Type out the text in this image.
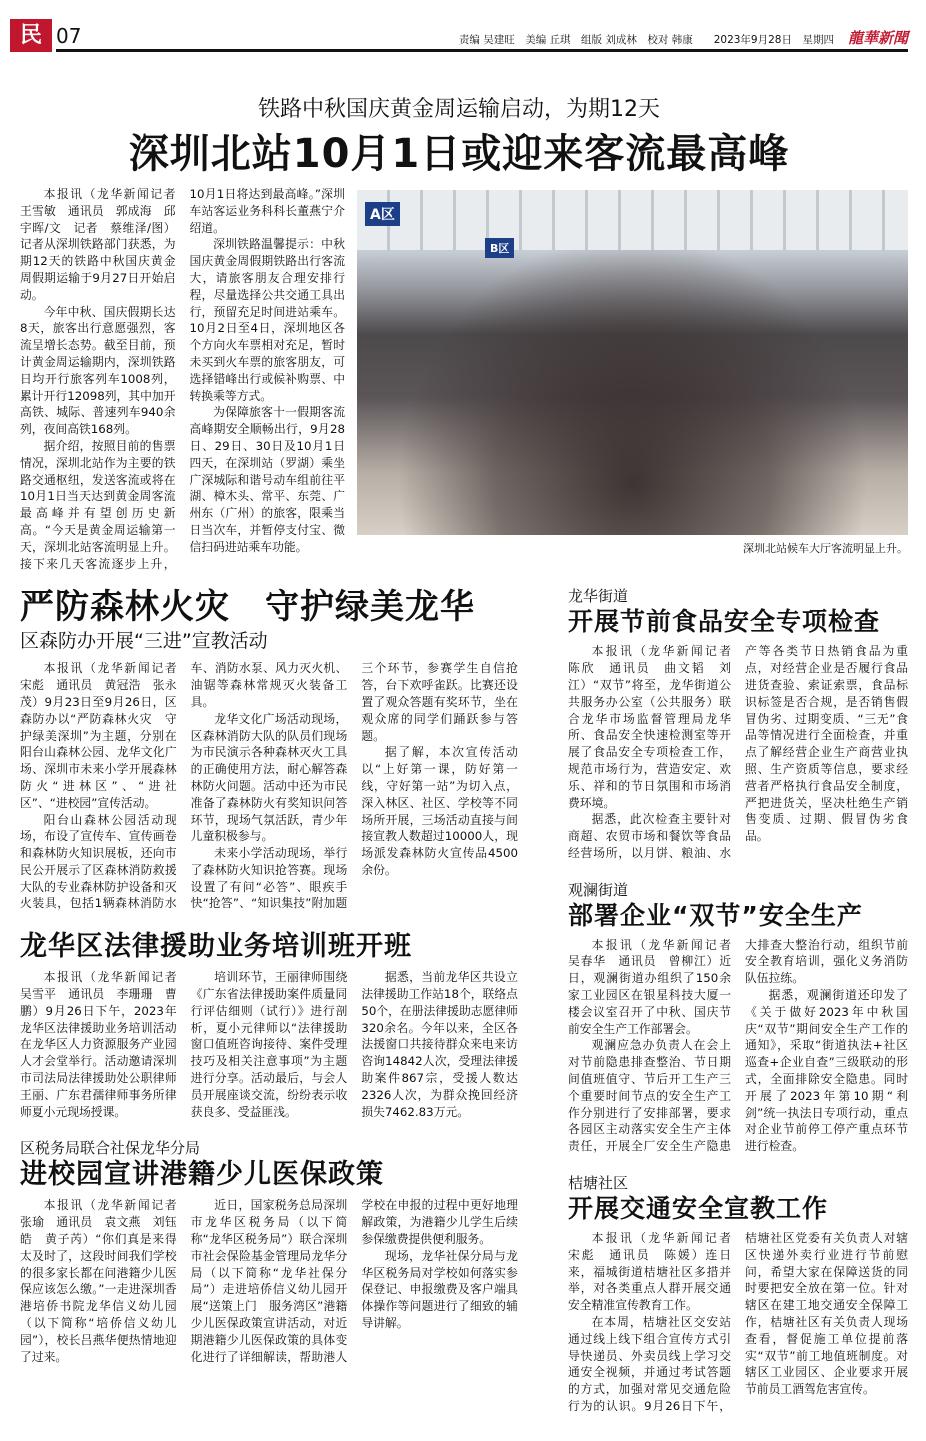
民生
07	责编 吴建旺　美编 丘琪　组版 刘成林　校对 韩康　　2023年9月28日　星期四 龍華新聞
铁路中秋国庆黄金周运输启动，为期12天
深圳北站10月1日或迎来客流最高峰

本报讯（龙华新闻记者　王雪敏　通讯员　郭成海　邱宇晖/文　记者　蔡维泽/图）记者从深圳铁路部门获悉，为期12天的铁路中秋国庆黄金周假期运输于9月27日开始启动。

今年中秋、国庆假期长达8天，旅客出行意愿强烈，客流呈增长态势。截至目前，预计黄金周运输期内，深圳铁路日均开行旅客列车1008列，累计开行12098列，其中加开高铁、城际、普速列车940余列，夜间高铁168列。

据介绍，按照目前的售票情况，深圳北站作为主要的铁路交通枢纽，发送客流或将在10月1日当天达到黄金周客流最高峰并有望创历史新高。“今天是黄金周运输第一天，深圳北站客流明显上升。接下来几天客流逐步上升，10月1日将达到最高峰。”深圳车站客运业务科科长董燕宁介绍道。

深圳铁路温馨提示：中秋国庆黄金周假期铁路出行客流大，请旅客朋友合理安排行程，尽量选择公共交通工具出行，预留充足时间进站乘车。10月2日至4日，深圳地区各个方向火车票相对充足，暂时未买到火车票的旅客朋友，可选择错峰出行或候补购票、中转换乘等方式。

为保障旅客十一假期客流高峰期安全顺畅出行，9月28日、29日、30日及10月1日四天，在深圳站（罗湖）乘坐广深城际和谐号动车组前往平湖、樟木头、常平、东莞、广州东（广州）的旅客，限乘当日当次车，并暂停支付宝、微信扫码进站乘车功能。

A区
B区
深圳北站候车大厅客流明显上升。
严防森林火灾　守护绿美龙华
区森防办开展“三进”宣教活动

本报讯（龙华新闻记者　宋彪　通讯员　黄冠浩　张永茂）9月23日至9月26日，区森防办以“严防森林火灾　守护绿美深圳”为主题，分别在阳台山森林公园、龙华文化广场、深圳市未来小学开展森林防火“进林区”、“进社区”、“进校园”宣传活动。

阳台山森林公园活动现场，布设了宣传车、宣传画卷和森林防火知识展板，还向市民公开展示了区森林消防救援大队的专业森林防护设备和灭火装具，包括1辆森林消防水车、消防水泵、风力灭火机、油锯等森林常规灭火装备工具。

龙华文化广场活动现场，区森林消防大队的队员们现场为市民演示各种森林灭火工具的正确使用方法，耐心解答森林防火问题。活动中还为市民准备了森林防火有奖知识问答环节，现场气氛活跃，青少年儿童积极参与。

未来小学活动现场，举行了森林防火知识抢答赛。现场设置了有问“必答”、眼疾手快“抢答”、“知识集技”附加题三个环节，参赛学生自信抢答，台下欢呼雀跃。比赛还设置了观众答题有奖环节，坐在观众席的同学们踊跃参与答题。

据了解，本次宣传活动以“上好第一课，防好第一线，守好第一站”为切入点，深入林区、社区、学校等不同场所开展，三场活动直接与间接宣教人数超过10000人，现场派发森林防火宣传品4500余份。

龙华区法律援助业务培训班开班

本报讯（龙华新闻记者　吴雪平　通讯员　李珊珊　曹鹏）9月26日下午，2023年龙华区法律援助业务培训活动在龙华区人力资源服务产业园人才会堂举行。活动邀请深圳市司法局法律援助处公职律师王丽、广东君孺律师事务所律师夏小元现场授课。

培训环节，王丽律师围绕《广东省法律援助案件质量同行评估细则（试行）》进行剖析，夏小元律师以“法律援助窗口值班咨询接待、案件受理技巧及相关注意事项”为主题进行分享。活动最后，与会人员开展座谈交流，纷纷表示收获良多、受益匪浅。

据悉，当前龙华区共设立法律援助工作站18个，联络点50个，在册法律援助志愿律师320余名。今年以来，全区各法援窗口共接待群众来电来访咨询14842人次，受理法律援助案件867宗，受援人数达2326人次，为群众挽回经济损失7462.83万元。

区税务局联合社保龙华分局
进校园宣讲港籍少儿医保政策

本报讯（龙华新闻记者　张瑜　通讯员　袁文燕　刘钰皓　黄子芮）“你们真是来得太及时了，这段时间我们学校的很多家长都在问港籍少儿医保应该怎么缴。”一走进深圳香港培侨书院龙华信义幼儿园（以下简称“培侨信义幼儿园”），校长吕燕华便热情地迎了过来。

近日，国家税务总局深圳市龙华区税务局（以下简称“龙华区税务局”）联合深圳市社会保险基金管理局龙华分局（以下简称“龙华社保分局”）走进培侨信义幼儿园开展“送策上门　服务湾区”港籍少儿医保政策宣讲活动，对近期港籍少儿医保政策的具体变化进行了详细解读，帮助港人学校在申报的过程中更好地理解政策，为港籍少儿学生后续参保缴费提供便利服务。

现场，龙华社保分局与龙华区税务局对学校如何落实参保登记、申报缴费及客户端具体操作等问题进行了细致的辅导讲解。

龙华街道
开展节前食品安全专项检查

本报讯（龙华新闻记者　陈欣　通讯员　曲文韬　刘江）“双节”将至，龙华街道公共服务办公室（公共服务）联合龙华市场监督管理局龙华所、食品安全快速检测室等开展了食品安全专项检查工作，规范市场行为，营造安定、欢乐、祥和的节日氛围和市场消费环境。

据悉，此次检查主要针对商超、农贸市场和餐饮等食品经营场所，以月饼、粮油、水产等各类节日热销食品为重点，对经营企业是否履行食品进货查验、索证索票，食品标识标签是否合规，是否销售假冒伪劣、过期变质、“三无”食品等情况进行全面检查，并重点了解经营企业生产商营业执照、生产资质等信息，要求经营者严格执行食品安全制度，严把进货关，坚决杜绝生产销售变质、过期、假冒伪劣食品。

观澜街道
部署企业“双节”安全生产

本报讯（龙华新闻记者　吴春华　通讯员　曾柳江）近日，观澜街道办组织了150余家工业园区在银星科技大厦一楼会议室召开了中秋、国庆节前安全生产工作部署会。

观澜应急办负责人在会上对节前隐患排查整治、节日期间值班值守、节后开工生产三个重要时间节点的安全生产工作分别进行了安排部署，要求各园区主动落实安全生产主体责任，开展全厂安全生产隐患大排查大整治行动，组织节前安全教育培训，强化义务消防队伍拉练。

据悉，观澜街道还印发了《关于做好2023年中秋国庆“双节”期间安全生产工作的通知》，采取“街道执法+社区巡查+企业自查”三级联动的形式，全面排除安全隐患。同时开展了2023年第10期“利剑”统一执法日专项行动，重点对企业节前停工停产重点环节进行检查。

桔塘社区
开展交通安全宣教工作

本报讯（龙华新闻记者　宋彪　通讯员　陈媛）连日来，福城街道桔塘社区多措并举，对各类重点人群开展交通安全精准宣传教育工作。

在本周，桔塘社区交安站通过线上线下组合宣传方式引导快递员、外卖员线上学习交通安全视频，并通过考试答题的方式，加强对常见交通危险行为的认识。9月26日下午，桔塘社区党委有关负责人对辖区快递外卖行业进行节前慰问，希望大家在保障送货的同时要把安全放在第一位。针对辖区在建工地交通安全保障工作，桔塘社区有关负责人现场查看，督促施工单位提前落实“双节”前工地值班制度。对辖区工业园区、企业要求开展节前员工酒驾危害宣传。
